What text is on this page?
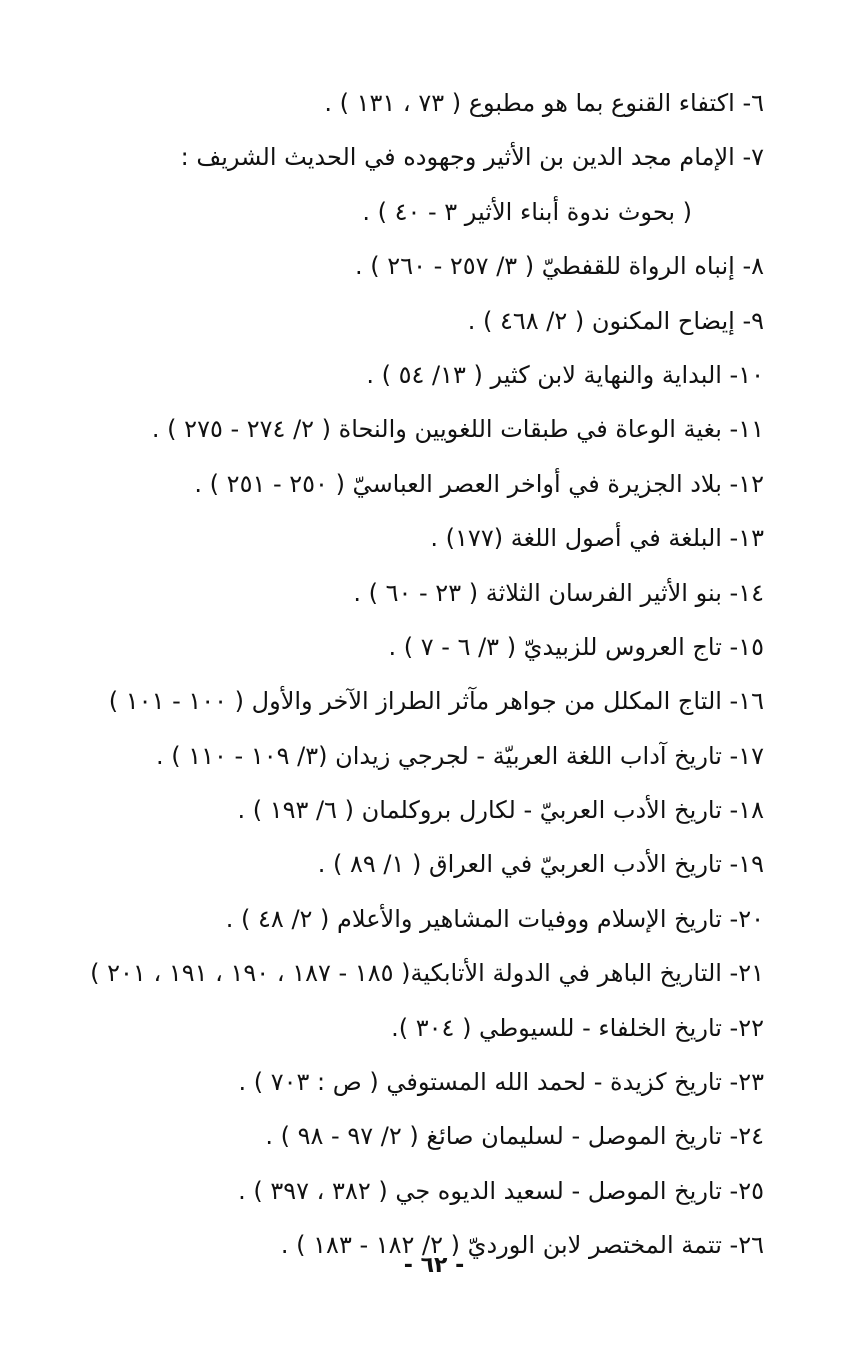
٦- اكتفاء القنوع بما هو مطبوع ( ٧٣ ، ١٣١ ) .
٧- الإمام مجد الدين بن الأثير وجهوده في الحديث الشريف :
( بحوث ندوة أبناء الأثير ٣ - ٤٠ ) .
٨- إنباه الرواة للقفطيّ ( ٣/ ٢٥٧ - ٢٦٠ ) .
٩- إيضاح المكنون ( ٢/ ٤٦٨ ) .
١٠- البداية والنهاية لابن كثير ( ١٣/ ٥٤ ) .
١١- بغية الوعاة في طبقات اللغويين والنحاة ( ٢/ ٢٧٤ - ٢٧٥ ) .
١٢- بلاد الجزيرة في أواخر العصر العباسيّ ( ٢٥٠ - ٢٥١ ) .
١٣- البلغة في أصول اللغة (١٧٧) .
١٤- بنو الأثير الفرسان الثلاثة ( ٢٣ - ٦٠ ) .
١٥- تاج العروس للزبيديّ ( ٣/ ٦ - ٧ ) .
١٦- التاج المكلل من جواهر مآثر الطراز الآخر والأول ( ١٠٠ - ١٠١ )
١٧- تاريخ آداب اللغة العربيّة - لجرجي زيدان (٣/ ١٠٩ - ١١٠ ) .
١٨- تاريخ الأدب العربيّ - لكارل بروكلمان ( ٦/ ١٩٣ ) .
١٩- تاريخ الأدب العربيّ في العراق ( ١/ ٨٩ ) .
٢٠- تاريخ الإسلام ووفيات المشاهير والأعلام ( ٢/ ٤٨ ) .
٢١- التاريخ الباهر في الدولة الأتابكية( ١٨٥ - ١٨٧ ، ١٩٠ ، ١٩١ ، ٢٠١ )
٢٢- تاريخ الخلفاء - للسيوطي ( ٣٠٤ ).
٢٣- تاريخ كزيدة - لحمد الله المستوفي ( ص : ٧٠٣ ) .
٢٤- تاريخ الموصل - لسليمان صائغ ( ٢/ ٩٧ - ٩٨ ) .
٢٥- تاريخ الموصل - لسعيد الديوه جي ( ٣٨٢ ، ٣٩٧ ) .
٢٦- تتمة المختصر لابن الورديّ ( ٢/ ١٨٢ - ١٨٣ ) .
- ٦٢ -
